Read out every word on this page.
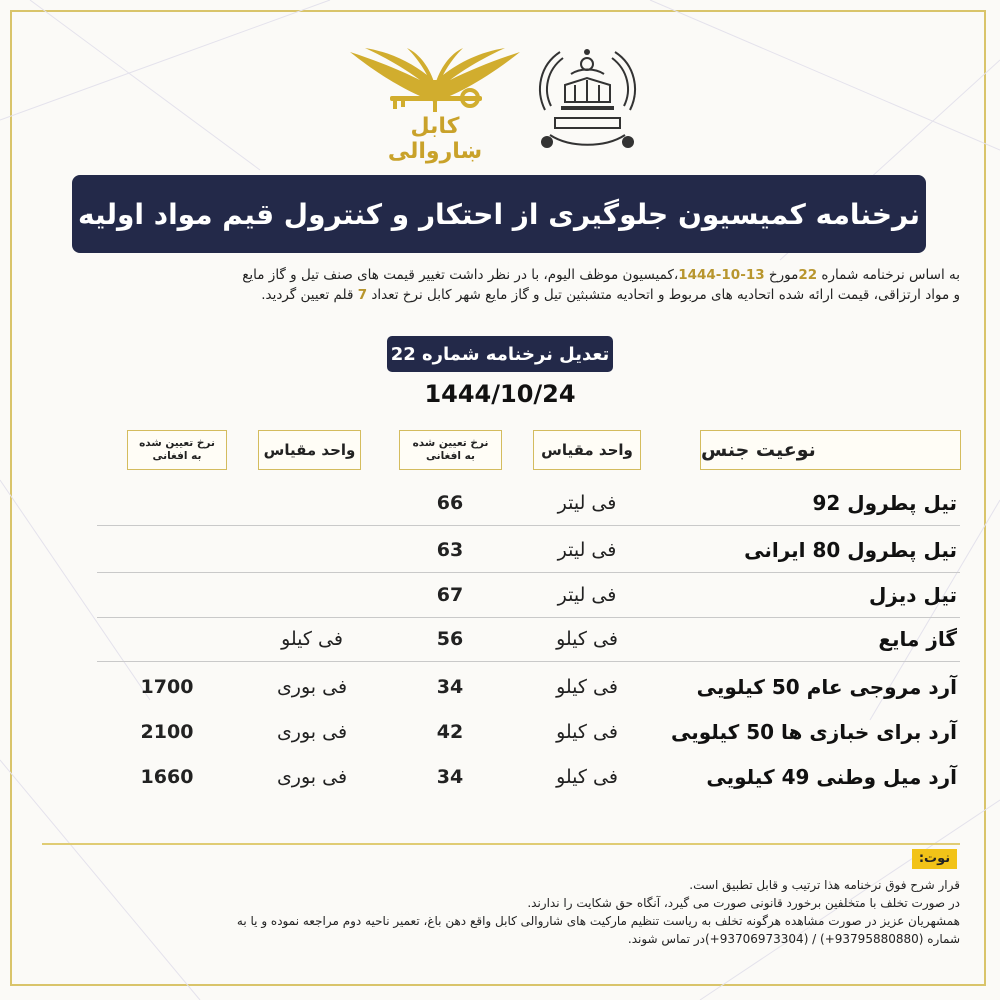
کابل ښاروالی
نرخنامه کمیسیون جلوگیری از احتکار و کنترول قیم مواد اولیه
به اساس نرخنامه شماره 22مورخ 13-10-1444،کمیسیون موظف الیوم، با در نظر داشت تغییر قیمت های صنف تیل و گاز مایع
و مواد ارتزاقی، قیمت ارائه شده اتحادیه های مربوط و اتحادیه متشبثین تیل و گاز مایع شهر کابل نرخ تعداد 7 قلم تعیین گردید.
تعدیل نرخنامه شماره 22
1444/10/24
نوعیت جنس
واحد مقیاس
نرخ تعیین شده
به افغانی
واحد مقیاس
نرخ تعیین شده
به افغانی
تیل پطرول 92
فی لیتر
66
تیل پطرول 80 ایرانی
فی لیتر
63
تیل دیزل
فی لیتر
67
گاز مایع
فی کیلو
56
فی کیلو
آرد مروجی عام 50 کیلویی
فی کیلو
34
فی بوری
1700
آرد برای خبازی ها 50 کیلویی
فی کیلو
42
فی بوری
2100
آرد میل وطنی 49 کیلویی
فی کیلو
34
فی بوری
1660
نوت:
قرار شرح فوق نرخنامه هذا ترتیب و قابل تطبیق است.
در صورت تخلف با متخلفین برخورد قانونی صورت می گیرد، آنگاه حق شکایت را ندارند.
همشهریان عزیز در صورت مشاهده هرگونه تخلف به ریاست تنظیم مارکیت های شاروالی کابل واقع دهن باغ، تعمیر ناحیه دوم مراجعه نموده و یا به
شماره (93795880880+) / (93706973304+)در تماس شوند.
